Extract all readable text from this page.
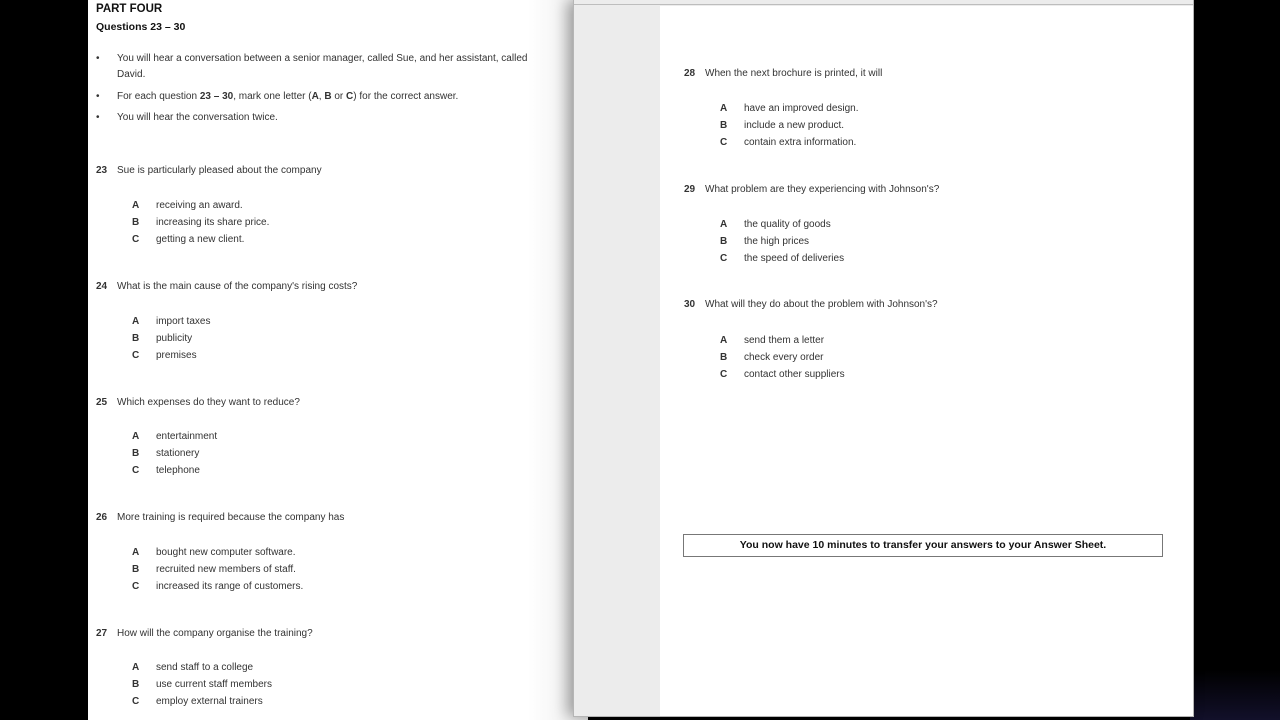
PART FOUR
Questions 23 – 30
• You will hear a conversation between a senior manager, called Sue, and her assistant, called
David.
• For each question 23 – 30, mark one letter (A, B or C) for the correct answer.
• You will hear the conversation twice.
23 Sue is particularly pleased about the company
A receiving an award.
B increasing its share price.
C getting a new client.
24 What is the main cause of the company's rising costs?
A import taxes
B publicity
C premises
25 Which expenses do they want to reduce?
A entertainment
B stationery
C telephone
26 More training is required because the company has
A bought new computer software.
B recruited new members of staff.
C increased its range of customers.
27 How will the company organise the training?
A send staff to a college
B use current staff members
C employ external trainers
28 When the next brochure is printed, it will
A have an improved design.
B include a new product.
C contain extra information.
29 What problem are they experiencing with Johnson's?
A the quality of goods
B the high prices
C the speed of deliveries
30 What will they do about the problem with Johnson's?
A send them a letter
B check every order
C contact other suppliers
You now have 10 minutes to transfer your answers to your Answer Sheet.
